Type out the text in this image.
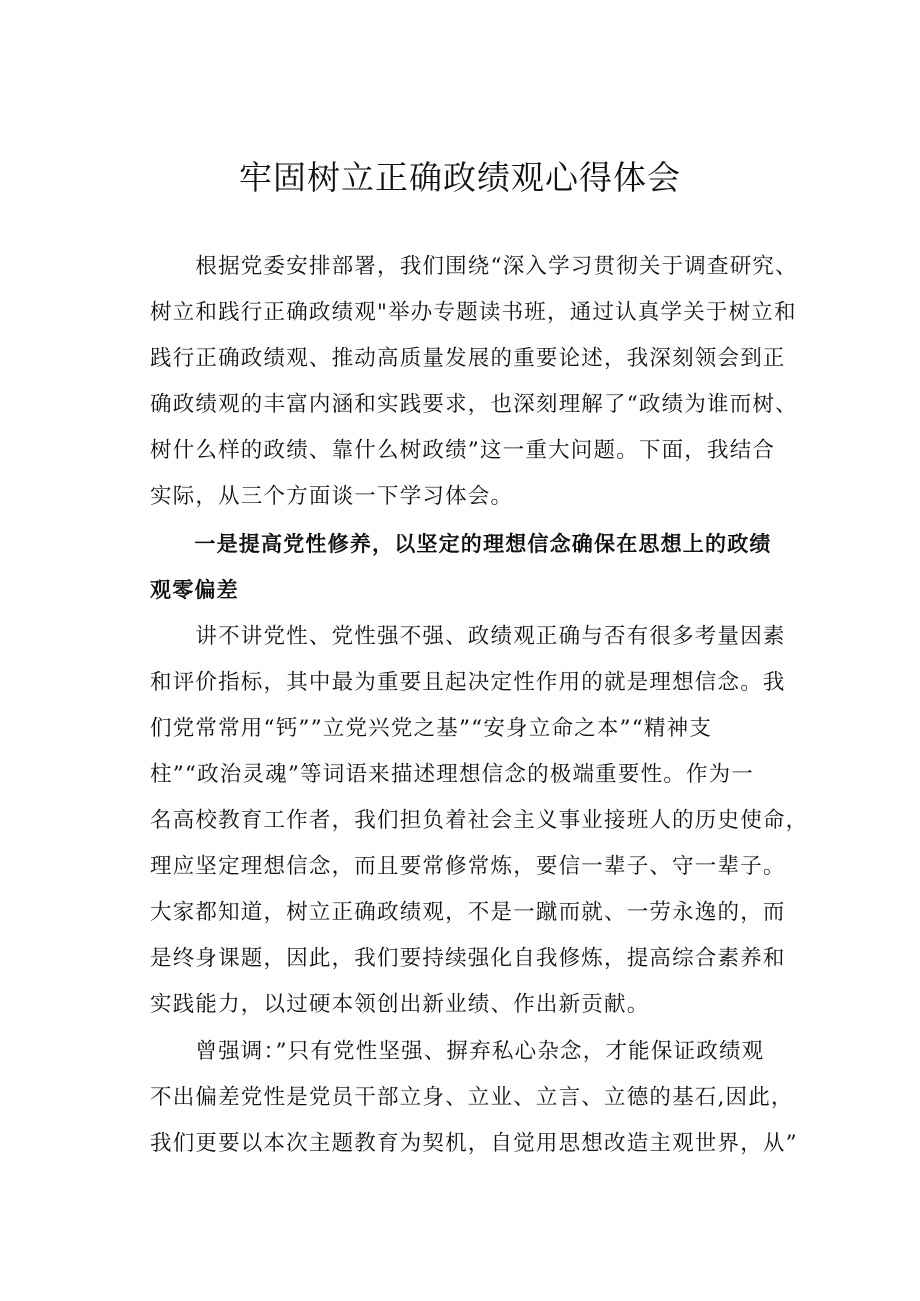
牢固树立正确政绩观心得体会
　　根据党委安排部署，我们围绕“深入学习贯彻关于调查研究、
树立和践行正确政绩观"举办专题读书班，通过认真学关于树立和
践行正确政绩观、推动高质量发展的重要论述，我深刻领会到正
确政绩观的丰富内涵和实践要求，也深刻理解了“政绩为谁而树、
树什么样的政绩、靠什么树政绩”这一重大问题。下面，我结合
实际，从三个方面谈一下学习体会。
　　一是提高党性修养，以坚定的理想信念确保在思想上的政绩
观零偏差
　　讲不讲党性、党性强不强、政绩观正确与否有很多考量因素
和评价指标，其中最为重要且起决定性作用的就是理想信念。我
们党常常用“钙””立党兴党之基”“安身立命之本”“精神支
柱”“政治灵魂”等词语来描述理想信念的极端重要性。作为一
名高校教育工作者，我们担负着社会主义事业接班人的历史使命，
理应坚定理想信念，而且要常修常炼，要信一辈子、守一辈子。
大家都知道，树立正确政绩观，不是一蹴而就、一劳永逸的，而
是终身课题，因此，我们要持续强化自我修炼，提高综合素养和
实践能力，以过硬本领创出新业绩、作出新贡献。
　　曾强调：”只有党性坚强、摒弃私心杂念，才能保证政绩观
不出偏差党性是党员干部立身、立业、立言、立德的基石,因此，
我们更要以本次主题教育为契机，自觉用思想改造主观世界，从”
